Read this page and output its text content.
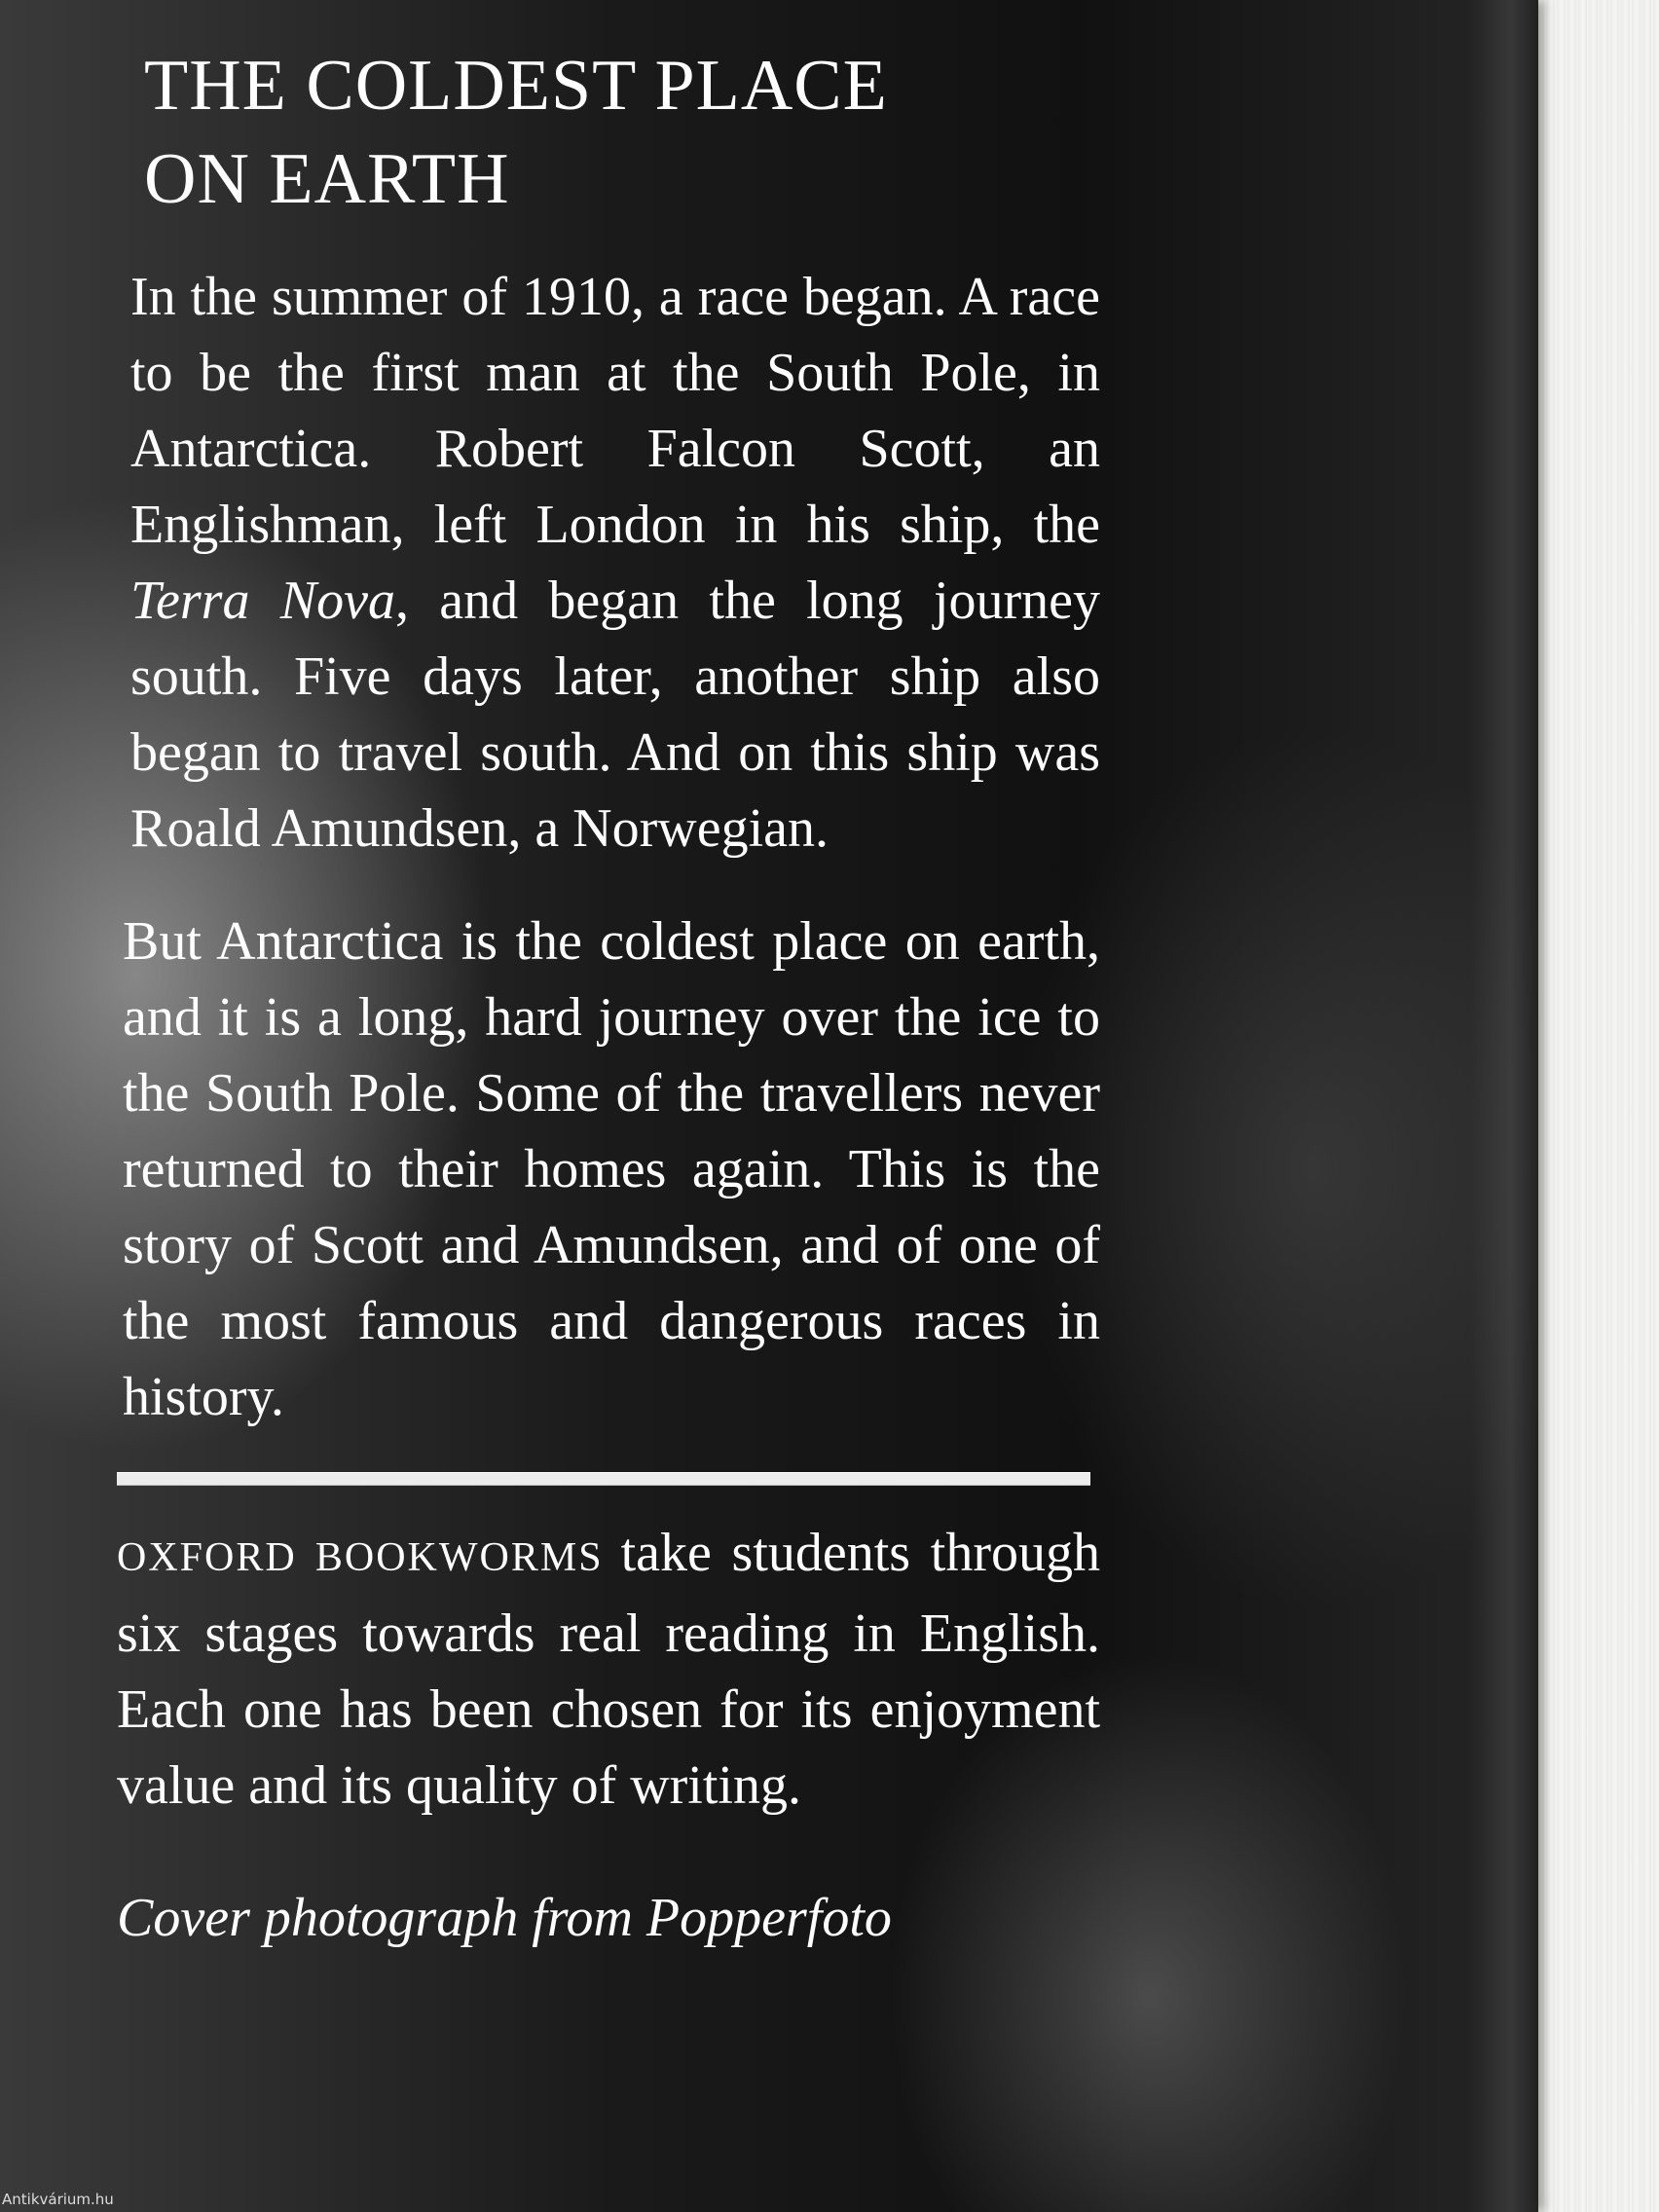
THE COLDEST PLACE
ON EARTH

In the summer of 1910, a race began. A race to be the first man at the South Pole, in Antarctica. Robert Falcon Scott, an Englishman, left London in his ship, the Terra Nova, and began the long journey south. Five days later, another ship also began to travel south. And on this ship was Roald Amundsen, a Norwegian.

But Antarctica is the coldest place on earth, and it is a long, hard journey over the ice to the South Pole. Some of the travellers never returned to their homes again. This is the story of Scott and Amundsen, and of one of the most famous and dangerous races in history.

OXFORD BOOKWORMS take students through six stages towards real reading in English. Each one has been chosen for its enjoyment value and its quality of writing.

Cover photograph from Popperfoto

Antikvárium.hu
